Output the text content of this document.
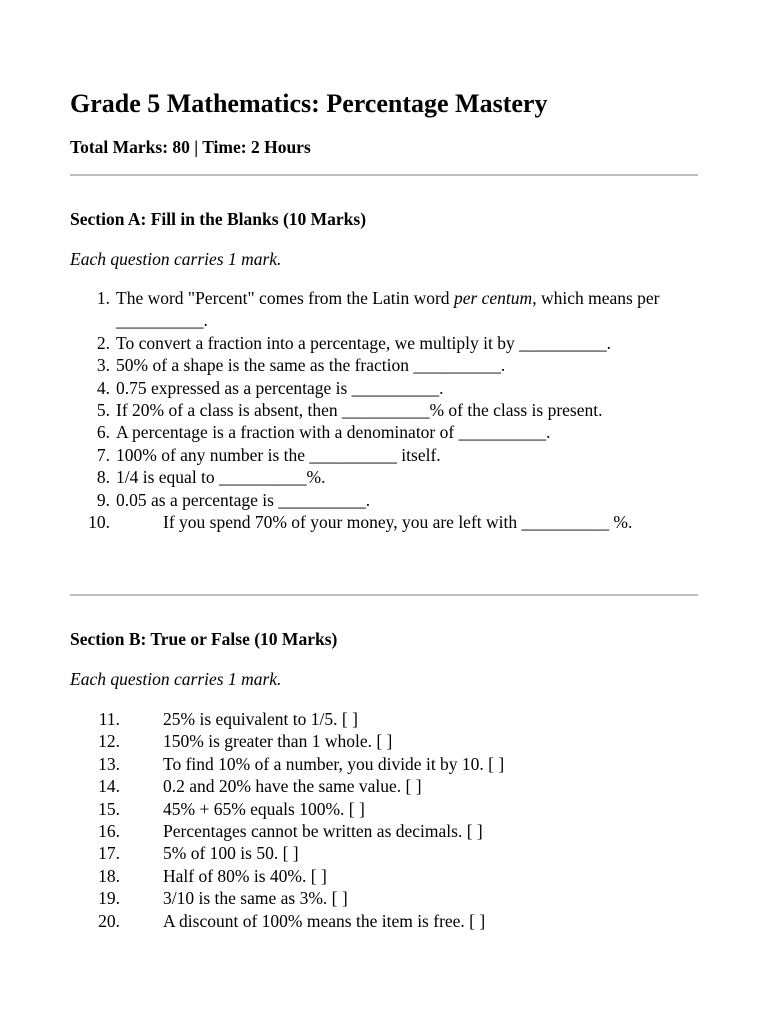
Grade 5 Mathematics: Percentage Mastery

Total Marks: 80 | Time: 2 Hours

Section A: Fill in the Blanks (10 Marks)

Each question carries 1 mark.

1. The word "Percent" comes from the Latin word per centum, which means per __________.
2. To convert a fraction into a percentage, we multiply it by __________.
3. 50% of a shape is the same as the fraction __________.
4. 0.75 expressed as a percentage is __________.
5. If 20% of a class is absent, then __________% of the class is present.
6. A percentage is a fraction with a denominator of __________.
7. 100% of any number is the __________ itself.
8. 1/4 is equal to __________%.
9. 0.05 as a percentage is __________.
10.	If you spend 70% of your money, you are left with __________ %.
Section B: True or False (10 Marks)

Each question carries 1 mark.

11. 25% is equivalent to 1/5. [ ]
12. 150% is greater than 1 whole. [ ]
13. To find 10% of a number, you divide it by 10. [ ]
14. 0.2 and 20% have the same value. [ ]
15. 45% + 65% equals 100%. [ ]
16. Percentages cannot be written as decimals. [ ]
17. 5% of 100 is 50. [ ]
18. Half of 80% is 40%. [ ]
19. 3/10 is the same as 3%. [ ]
20. A discount of 100% means the item is free. [ ]
